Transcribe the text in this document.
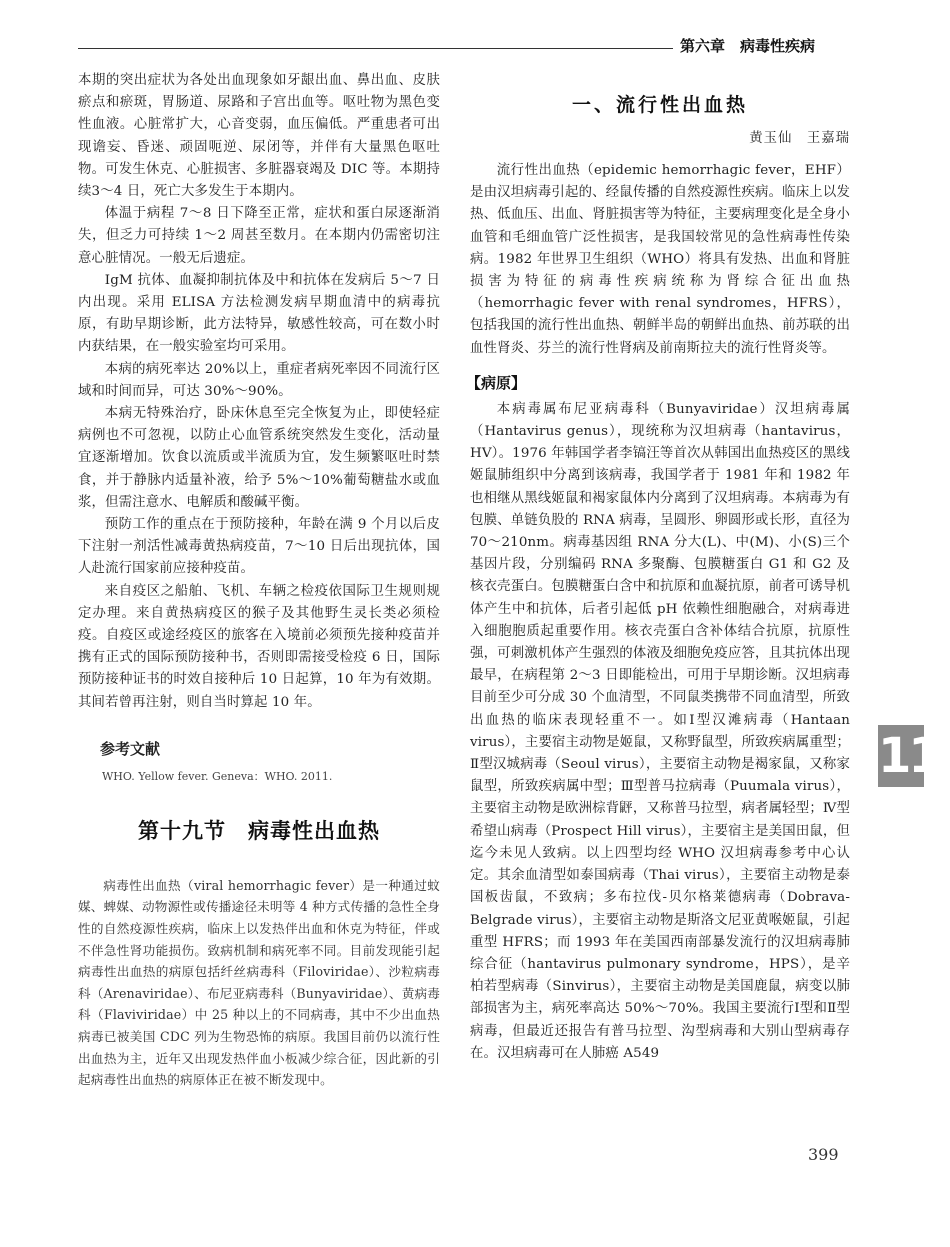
第六章　病毒性疾病

本期的突出症状为各处出血现象如牙龈出血、鼻出血、皮肤瘀点和瘀斑，胃肠道、尿路和子宫出血等。呕吐物为黑色变性血液。心脏常扩大，心音变弱，血压偏低。严重患者可出现谵妄、昏迷、顽固呃逆、尿闭等，并伴有大量黑色呕吐物。可发生休克、心脏损害、多脏器衰竭及 DIC 等。本期持续3～4 日，死亡大多发生于本期内。

体温于病程 7～8 日下降至正常，症状和蛋白尿逐渐消失，但乏力可持续 1～2 周甚至数月。在本期内仍需密切注意心脏情况。一般无后遗症。

IgM 抗体、血凝抑制抗体及中和抗体在发病后 5～7 日内出现。采用 ELISA 方法检测发病早期血清中的病毒抗原，有助早期诊断，此方法特异，敏感性较高，可在数小时内获结果，在一般实验室均可采用。

本病的病死率达 20%以上，重症者病死率因不同流行区域和时间而异，可达 30%～90%。

本病无特殊治疗，卧床休息至完全恢复为止，即使轻症病例也不可忽视，以防止心血管系统突然发生变化，活动量宜逐渐增加。饮食以流质或半流质为宜，发生频繁呕吐时禁食，并于静脉内适量补液，给予 5%～10%葡萄糖盐水或血浆，但需注意水、电解质和酸碱平衡。

预防工作的重点在于预防接种，年龄在满 9 个月以后皮下注射一剂活性减毒黄热病疫苗，7～10 日后出现抗体，国人赴流行国家前应接种疫苗。

来自疫区之船舶、飞机、车辆之检疫依国际卫生规则规定办理。来自黄热病疫区的猴子及其他野生灵长类必须检疫。自疫区或途经疫区的旅客在入境前必须预先接种疫苗并携有正式的国际预防接种书，否则即需接受检疫 6 日，国际预防接种证书的时效自接种后 10 日起算，10 年为有效期。其间若曾再注射，则自当时算起 10 年。

参考文献
WHO. Yellow fever. Geneva：WHO. 2011.
第十九节　病毒性出血热

病毒性出血热（viral hemorrhagic fever）是一种通过蚊媒、蜱媒、动物源性或传播途径未明等 4 种方式传播的急性全身性的自然疫源性疾病，临床上以发热伴出血和休克为特征，伴或不伴急性肾功能损伤。致病机制和病死率不同。目前发现能引起病毒性出血热的病原包括纤丝病毒科（Filoviridae）、沙粒病毒科（Arenaviridae）、布尼亚病毒科（Bunyaviridae）、黄病毒科（Flaviviridae）中 25 种以上的不同病毒，其中不少出血热病毒已被美国 CDC 列为生物恐怖的病原。我国目前仍以流行性出血热为主，近年又出现发热伴血小板减少综合征，因此新的引起病毒性出血热的病原体正在被不断发现中。

一、流行性出血热
黄玉仙　王嘉瑞

流行性出血热（epidemic hemorrhagic fever，EHF）是由汉坦病毒引起的、经鼠传播的自然疫源性疾病。临床上以发热、低血压、出血、肾脏损害等为特征，主要病理变化是全身小血管和毛细血管广泛性损害，是我国较常见的急性病毒性传染病。1982 年世界卫生组织（WHO）将具有发热、出血和肾脏损害为特征的病毒性疾病统称为肾综合征出血热（hemorrhagic fever with renal syndromes，HFRS），包括我国的流行性出血热、朝鲜半岛的朝鲜出血热、前苏联的出血性肾炎、芬兰的流行性肾病及前南斯拉夫的流行性肾炎等。

【病原】

本病毒属布尼亚病毒科（Bunyaviridae）汉坦病毒属（Hantavirus genus），现统称为汉坦病毒（hantavirus，HV）。1976 年韩国学者李镐汪等首次从韩国出血热疫区的黑线姬鼠肺组织中分离到该病毒，我国学者于 1981 年和 1982 年也相继从黑线姬鼠和褐家鼠体内分离到了汉坦病毒。本病毒为有包膜、单链负股的 RNA 病毒，呈圆形、卵圆形或长形，直径为 70～210nm。病毒基因组 RNA 分大(L)、中(M)、小(S)三个基因片段，分别编码 RNA 多聚酶、包膜糖蛋白 G1 和 G2 及核衣壳蛋白。包膜糖蛋白含中和抗原和血凝抗原，前者可诱导机体产生中和抗体，后者引起低 pH 依赖性细胞融合，对病毒进入细胞胞质起重要作用。核衣壳蛋白含补体结合抗原，抗原性强，可刺激机体产生强烈的体液及细胞免疫应答，且其抗体出现最早，在病程第 2～3 日即能检出，可用于早期诊断。汉坦病毒目前至少可分成 30 个血清型，不同鼠类携带不同血清型，所致出血热的临床表现轻重不一。如Ⅰ型汉滩病毒（Hantaan virus），主要宿主动物是姬鼠，又称野鼠型，所致疾病属重型；Ⅱ型汉城病毒（Seoul virus），主要宿主动物是褐家鼠，又称家鼠型，所致疾病属中型；Ⅲ型普马拉病毒（Puumala virus），主要宿主动物是欧洲棕背䶄，又称普马拉型，病者属轻型；Ⅳ型希望山病毒（Prospect Hill virus），主要宿主是美国田鼠，但迄今未见人致病。以上四型均经 WHO 汉坦病毒参考中心认定。其余血清型如泰国病毒（Thai virus），主要宿主动物是泰国板齿鼠，不致病；多布拉伐-贝尔格莱德病毒（Dobrava-Belgrade virus），主要宿主动物是斯洛文尼亚黄喉姬鼠，引起重型 HFRS；而 1993 年在美国西南部暴发流行的汉坦病毒肺综合征（hantavirus pulmonary syndrome，HPS），是辛柏若型病毒（Sinvirus），主要宿主动物是美国鹿鼠，病变以肺部损害为主，病死率高达 50%～70%。我国主要流行Ⅰ型和Ⅱ型病毒，但最近还报告有普马拉型、沟型病毒和大别山型病毒存在。汉坦病毒可在人肺癌 A549

11
399
